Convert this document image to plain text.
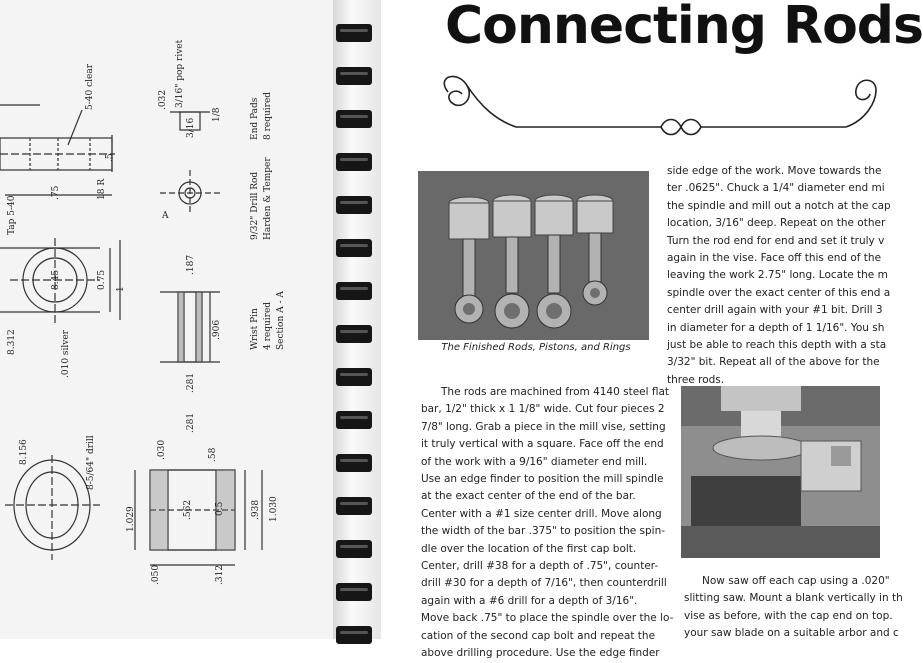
5-40 clear	.032 3/16" pop rivet
3/16
1/8	End Pads 8 required
.5
.75	18 R
Tap 5-40	9/32" Drill Rod Harden & Temper
.187
8.45	0.75 1
.906	Wrist Pin 4 required Section A - A
8.312	.010 silver
.281
.281
8.156	8-5/64" drill	.030	.58
1.029	.562 0.5	.938 1.030
.312
.050
A
Connecting Rods
The Finished Rods, Pistons, and Rings
The rods are machined from 4140 steel flat
bar, 1/2" thick x 1 1/8" wide. Cut four pieces 2
7/8" long. Grab a piece in the mill vise, setting
it truly vertical with a square. Face off the end
of the work with a 9/16" diameter end mill.
Use an edge finder to position the mill spindle
at the exact center of the end of the bar.
Center with a #1 size center drill. Move along
the width of the bar .375" to position the spin-
dle over the location of the first cap bolt.
Center, drill #38 for a depth of .75", counter-
drill #30 for a depth of 7/16", then counterdrill
again with a #6 drill for a depth of 3/16".
Move back .75" to place the spindle over the lo-
cation of the second cap bolt and repeat the
above drilling procedure. Use the edge finder
side edge of the work. Move towards the
ter .0625". Chuck a 1/4" diameter end mi
the spindle and mill out a notch at the cap
location, 3/16" deep. Repeat on the other
Turn the rod end for end and set it truly v
again in the vise. Face off this end of the
leaving the work 2.75" long. Locate the m
spindle over the exact center of this end a
center drill again with your #1 bit. Drill 3
in diameter for a depth of 1 1/16". You sh
just be able to reach this depth with a sta
3/32" bit. Repeat all of the above for the
three rods.
Now saw off each cap using a .020"
slitting saw. Mount a blank vertically in th
vise as before, with the cap end on top.
your saw blade on a suitable arbor and c
